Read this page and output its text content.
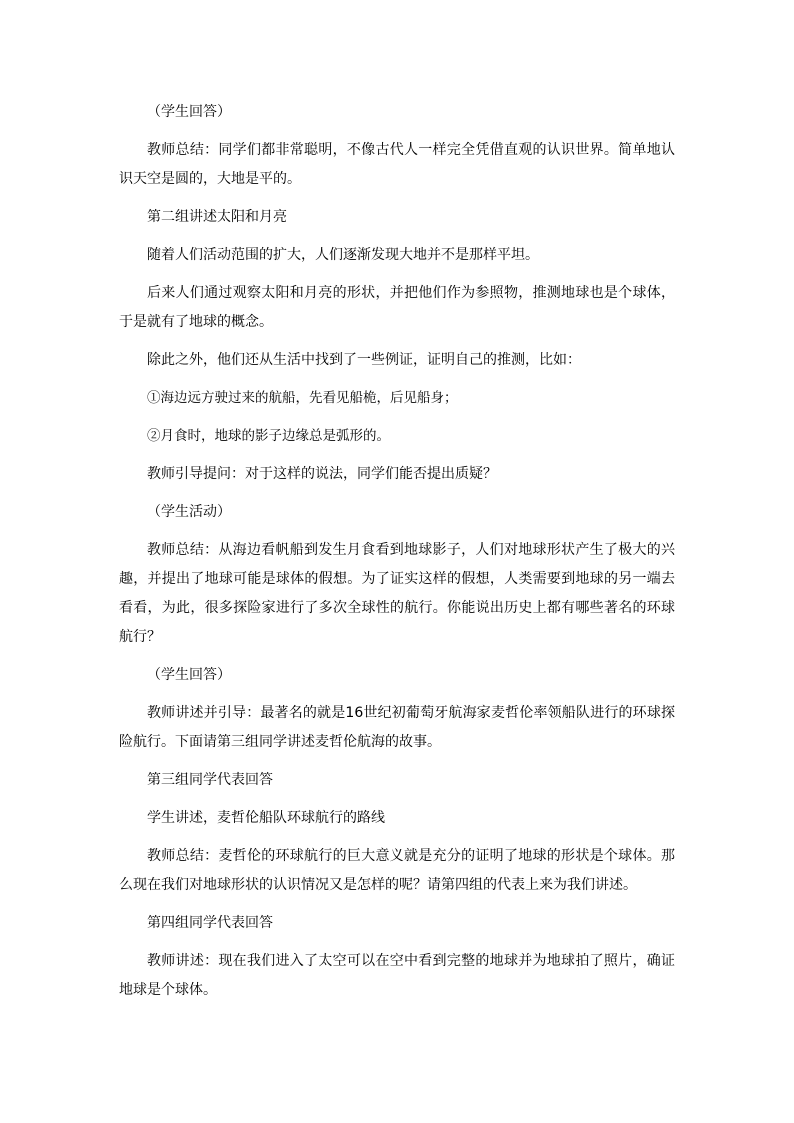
（学生回答）

教师总结：同学们都非常聪明，不像古代人一样完全凭借直观的认识世界。简单地认识天空是圆的，大地是平的。

第二组讲述太阳和月亮

随着人们活动范围的扩大，人们逐渐发现大地并不是那样平坦。

后来人们通过观察太阳和月亮的形状，并把他们作为参照物，推测地球也是个球体，于是就有了地球的概念。

除此之外，他们还从生活中找到了一些例证，证明自己的推测，比如：

①海边远方驶过来的航船，先看见船桅，后见船身；

②月食时，地球的影子边缘总是弧形的。

教师引导提问：对于这样的说法，同学们能否提出质疑？

（学生活动）

教师总结：从海边看帆船到发生月食看到地球影子，人们对地球形状产生了极大的兴趣，并提出了地球可能是球体的假想。为了证实这样的假想，人类需要到地球的另一端去看看，为此，很多探险家进行了多次全球性的航行。你能说出历史上都有哪些著名的环球航行？

（学生回答）

教师讲述并引导：最著名的就是16世纪初葡萄牙航海家麦哲伦率领船队进行的环球探险航行。下面请第三组同学讲述麦哲伦航海的故事。

第三组同学代表回答

学生讲述，麦哲伦船队环球航行的路线

教师总结：麦哲伦的环球航行的巨大意义就是充分的证明了地球的形状是个球体。那么现在我们对地球形状的认识情况又是怎样的呢？请第四组的代表上来为我们讲述。

第四组同学代表回答

教师讲述：现在我们进入了太空可以在空中看到完整的地球并为地球拍了照片，确证地球是个球体。
